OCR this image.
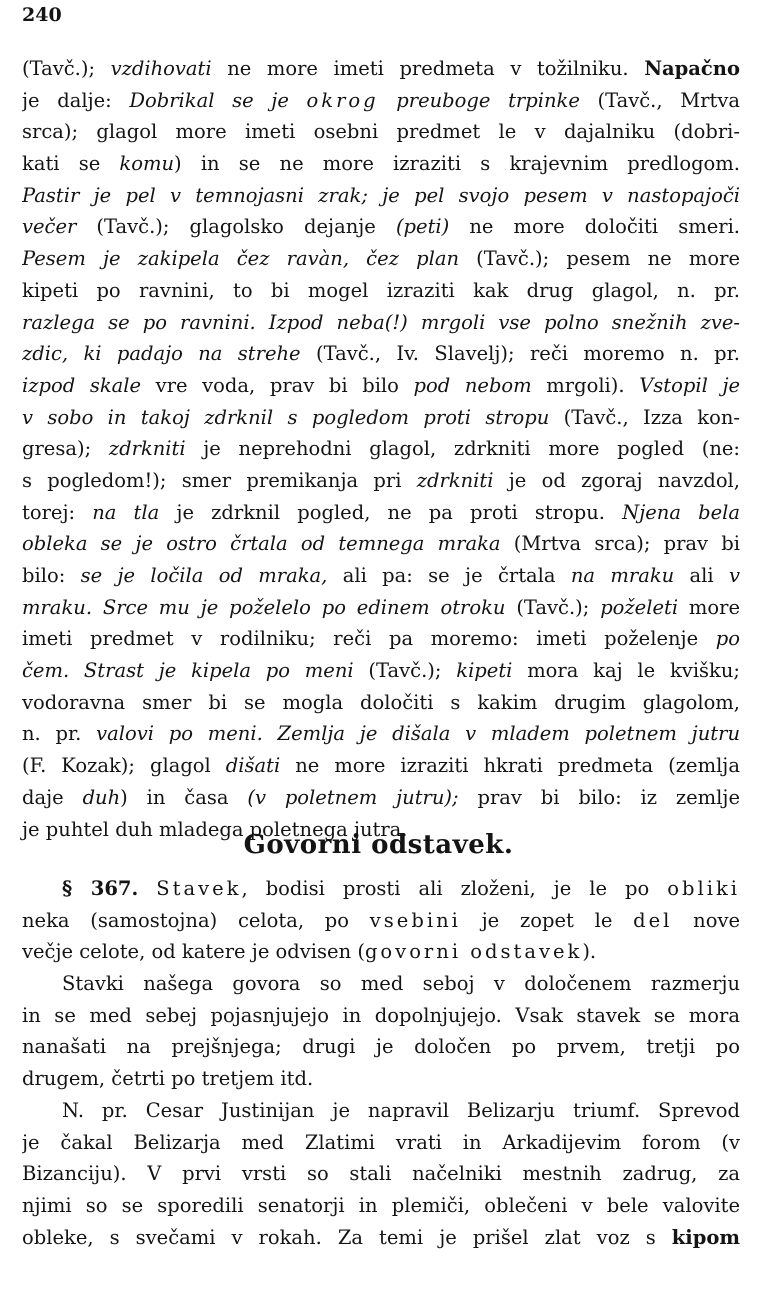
240
(Tavč.); vzdihovati ne more imeti predmeta v tožilniku. Napačno
je dalje: Dobrikal se je okrog preuboge trpinke (Tavč., Mrtva
srca); glagol more imeti osebni predmet le v dajalniku (dobri-
kati se komu) in se ne more izraziti s krajevnim predlogom.
Pastir je pel v temnojasni zrak; je pel svojo pesem v nastopajoči
večer (Tavč.); glagolsko dejanje (peti) ne more določiti smeri.
Pesem je zakipela čez ravàn, čez plan (Tavč.); pesem ne more
kipeti po ravnini, to bi mogel izraziti kak drug glagol, n. pr.
razlega se po ravnini. Izpod neba(!) mrgoli vse polno snežnih zve-
zdic, ki padajo na strehe (Tavč., Iv. Slavelj); reči moremo n. pr.
izpod skale vre voda, prav bi bilo pod nebom mrgoli). Vstopil je
v sobo in takoj zdrknil s pogledom proti stropu (Tavč., Izza kon-
gresa); zdrkniti je neprehodni glagol, zdrkniti more pogled (ne:
s pogledom!); smer premikanja pri zdrkniti je od zgoraj navzdol,
torej: na tla je zdrknil pogled, ne pa proti stropu. Njena bela
obleka se je ostro črtala od temnega mraka (Mrtva srca); prav bi
bilo: se je ločila od mraka, ali pa: se je črtala na mraku ali v
mraku. Srce mu je poželelo po edinem otroku (Tavč.); poželeti more
imeti predmet v rodilniku; reči pa moremo: imeti poželenje po
čem. Strast je kipela po meni (Tavč.); kipeti mora kaj le kvišku;
vodoravna smer bi se mogla določiti s kakim drugim glagolom,
n. pr. valovi po meni. Zemlja je dišala v mladem poletnem jutru
(F. Kozak); glagol dišati ne more izraziti hkrati predmeta (zemlja
daje duh) in časa (v poletnem jutru); prav bi bilo: iz zemlje
je puhtel duh mladega poletnega jutra.
Govorni odstavek.
§ 367. Stavek, bodisi prosti ali zloženi, je le po obliki
neka (samostojna) celota, po vsebini je zopet le del nove
večje celote, od katere je odvisen (govorni odstavek).
Stavki našega govora so med seboj v določenem razmerju
in se med sebej pojasnjujejo in dopolnjujejo. Vsak stavek se mora
nanašati na prejšnjega; drugi je določen po prvem, tretji po
drugem, četrti po tretjem itd.
N. pr. Cesar Justinijan je napravil Belizarju triumf. Sprevod
je čakal Belizarja med Zlatimi vrati in Arkadijevim forom (v
Bizanciju). V prvi vrsti so stali načelniki mestnih zadrug, za
njimi so se sporedili senatorji in plemiči, oblečeni v bele valovite
obleke, s svečami v rokah. Za temi je prišel zlat voz s kipom
